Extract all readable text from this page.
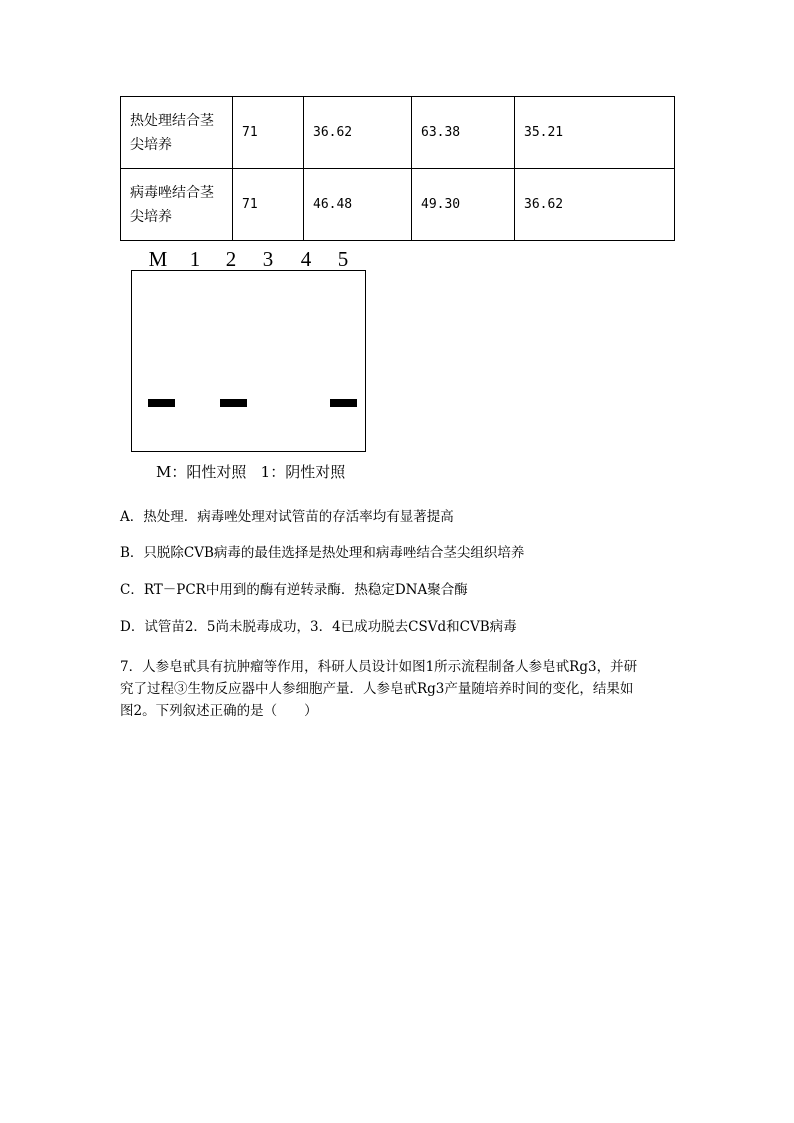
热处理结合茎
尖培养	71	36.62	63.38	35.21
病毒唑结合茎
尖培养	71	46.48	49.30	36.62
M 1 2 3 4 5
M：阳性对照   1：阴性对照
A．热处理．病毒唑处理对试管苗的存活率均有显著提高
B．只脱除CVB病毒的最佳选择是热处理和病毒唑结合茎尖组织培养
C．RT－PCR中用到的酶有逆转录酶．热稳定DNA聚合酶
D．试管苗2．5尚未脱毒成功，3．4已成功脱去CSVd和CVB病毒

7．人参皂甙具有抗肿瘤等作用，科研人员设计如图1所示流程制备人参皂甙Rg3，并研

究了过程③生物反应器中人参细胞产量．人参皂甙Rg3产量随培养时间的变化，结果如

图2。下列叙述正确的是（　　）
